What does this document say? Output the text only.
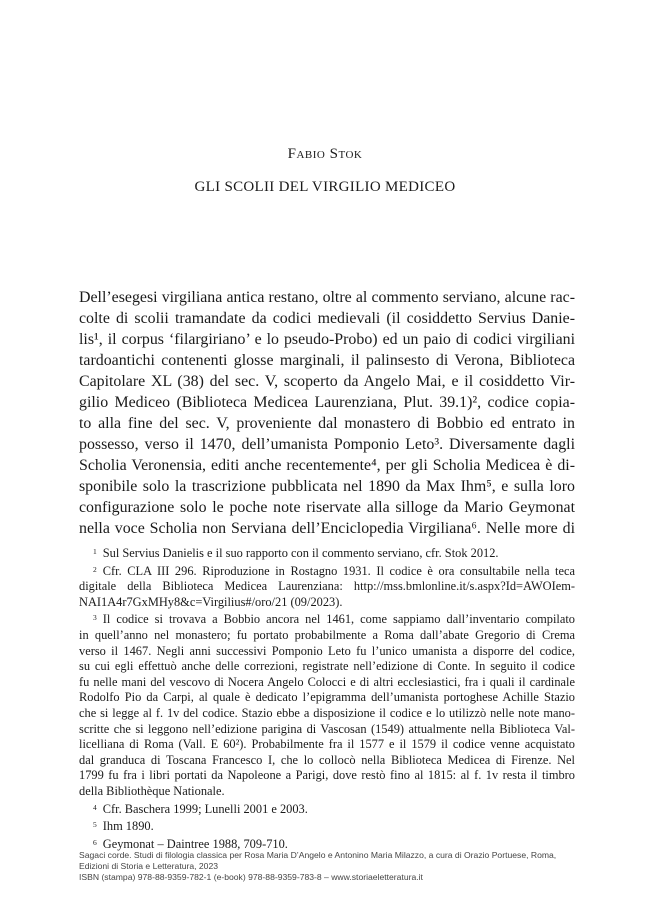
Fabio Stok
GLI SCOLII DEL VIRGILIO MEDICEO
Dell’esegesi virgiliana antica restano, oltre al commento serviano, alcune rac-
colte di scolii tramandate da codici medievali (il cosiddetto Servius Danie-
lis¹, il corpus ‘filargiriano’ e lo pseudo-Probo) ed un paio di codici virgiliani
tardoantichi contenenti glosse marginali, il palinsesto di Verona, Biblioteca
Capitolare XL (38) del sec. V, scoperto da Angelo Mai, e il cosiddetto Vir-
gilio Mediceo (Biblioteca Medicea Laurenziana, Plut. 39.1)², codice copia-
to alla fine del sec. V, proveniente dal monastero di Bobbio ed entrato in
possesso, verso il 1470, dell’umanista Pomponio Leto³. Diversamente dagli
Scholia Veronensia, editi anche recentemente⁴, per gli Scholia Medicea è di-
sponibile solo la trascrizione pubblicata nel 1890 da Max Ihm⁵, e sulla loro
configurazione solo le poche note riservate alla silloge da Mario Geymonat
nella voce Scholia non Serviana dell’Enciclopedia Virgiliana⁶. Nelle more di
$^1$ Sul Servius Danielis e il suo rapporto con il commento serviano, cfr. Stok 2012.
$^2$ Cfr. CLA III 296. Riproduzione in Rostagno 1931. Il codice è ora consultabile nella teca
digitale della Biblioteca Medicea Laurenziana: http://mss.bmlonline.it/s.aspx?Id=AWOIem-
NAI1A4r7GxMHy8&c=Virgilius#/oro/21 (09/2023).
$^3$ Il codice si trovava a Bobbio ancora nel 1461, come sappiamo dall’inventario compilato
in quell’anno nel monastero; fu portato probabilmente a Roma dall’abate Gregorio di Crema
verso il 1467. Negli anni successivi Pomponio Leto fu l’unico umanista a disporre del codice,
su cui egli effettuò anche delle correzioni, registrate nell’edizione di Conte. In seguito il codice
fu nelle mani del vescovo di Nocera Angelo Colocci e di altri ecclesiastici, fra i quali il cardinale
Rodolfo Pio da Carpi, al quale è dedicato l’epigramma dell’umanista portoghese Achille Stazio
che si legge al f. 1v del codice. Stazio ebbe a disposizione il codice e lo utilizzò nelle note mano-
scritte che si leggono nell’edizione parigina di Vascosan (1549) attualmente nella Biblioteca Val-
licelliana di Roma (Vall. E 60²). Probabilmente fra il 1577 e il 1579 il codice venne acquistato
dal granduca di Toscana Francesco I, che lo collocò nella Biblioteca Medicea di Firenze. Nel
1799 fu fra i libri portati da Napoleone a Parigi, dove restò fino al 1815: al f. 1v resta il timbro
della Bibliothèque Nationale.
$^4$ Cfr. Baschera 1999; Lunelli 2001 e 2003.
$^5$ Ihm 1890.
$^6$ Geymonat – Daintree 1988, 709-710.
Sagaci corde. Studi di filologia classica per Rosa Maria D’Angelo e Antonino Maria Milazzo, a cura di Orazio Portuese, Roma,
Edizioni di Storia e Letteratura, 2023
ISBN (stampa) 978-88-9359-782-1 (e-book) 978-88-9359-783-8 – www.storiaeletteratura.it
